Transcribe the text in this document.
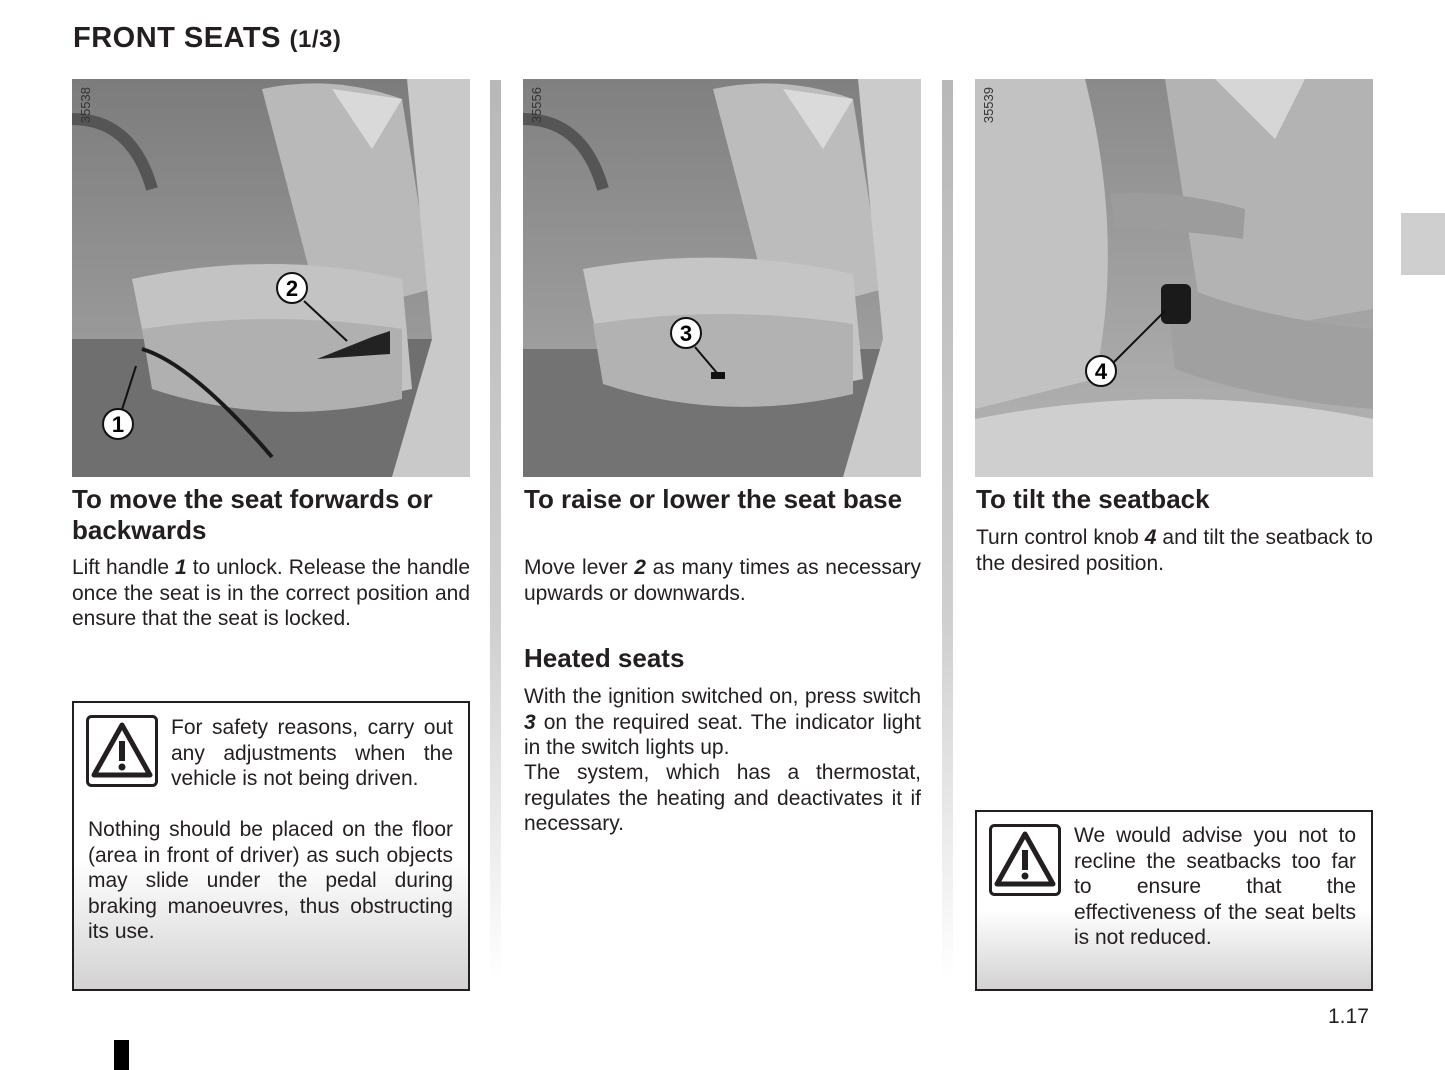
FRONT SEATS (1/3)
2
1
35538
To move the seat forwards or backwards

Lift handle 1 to unlock. Release the handle once the seat is in the correct position and ensure that the seat is locked.

For safety reasons, carry out any adjustments when the vehicle is not being driven.

Nothing should be placed on the floor (area in front of driver) as such objects may slide under the pedal during braking manoeuvres, thus obstructing its use.

3
35556
To raise or lower the seat base

Move lever 2 as many times as necessary upwards or downwards.

Heated seats

With the ignition switched on, press switch 3 on the required seat. The indicator light in the switch lights up.

The system, which has a thermostat, regulates the heating and deactivates it if necessary.

4
35539
To tilt the seatback

Turn control knob 4 and tilt the seatback to the desired position.

We would advise you not to recline the seatbacks too far to ensure that the effectiveness of the seat belts is not reduced.

1.17
